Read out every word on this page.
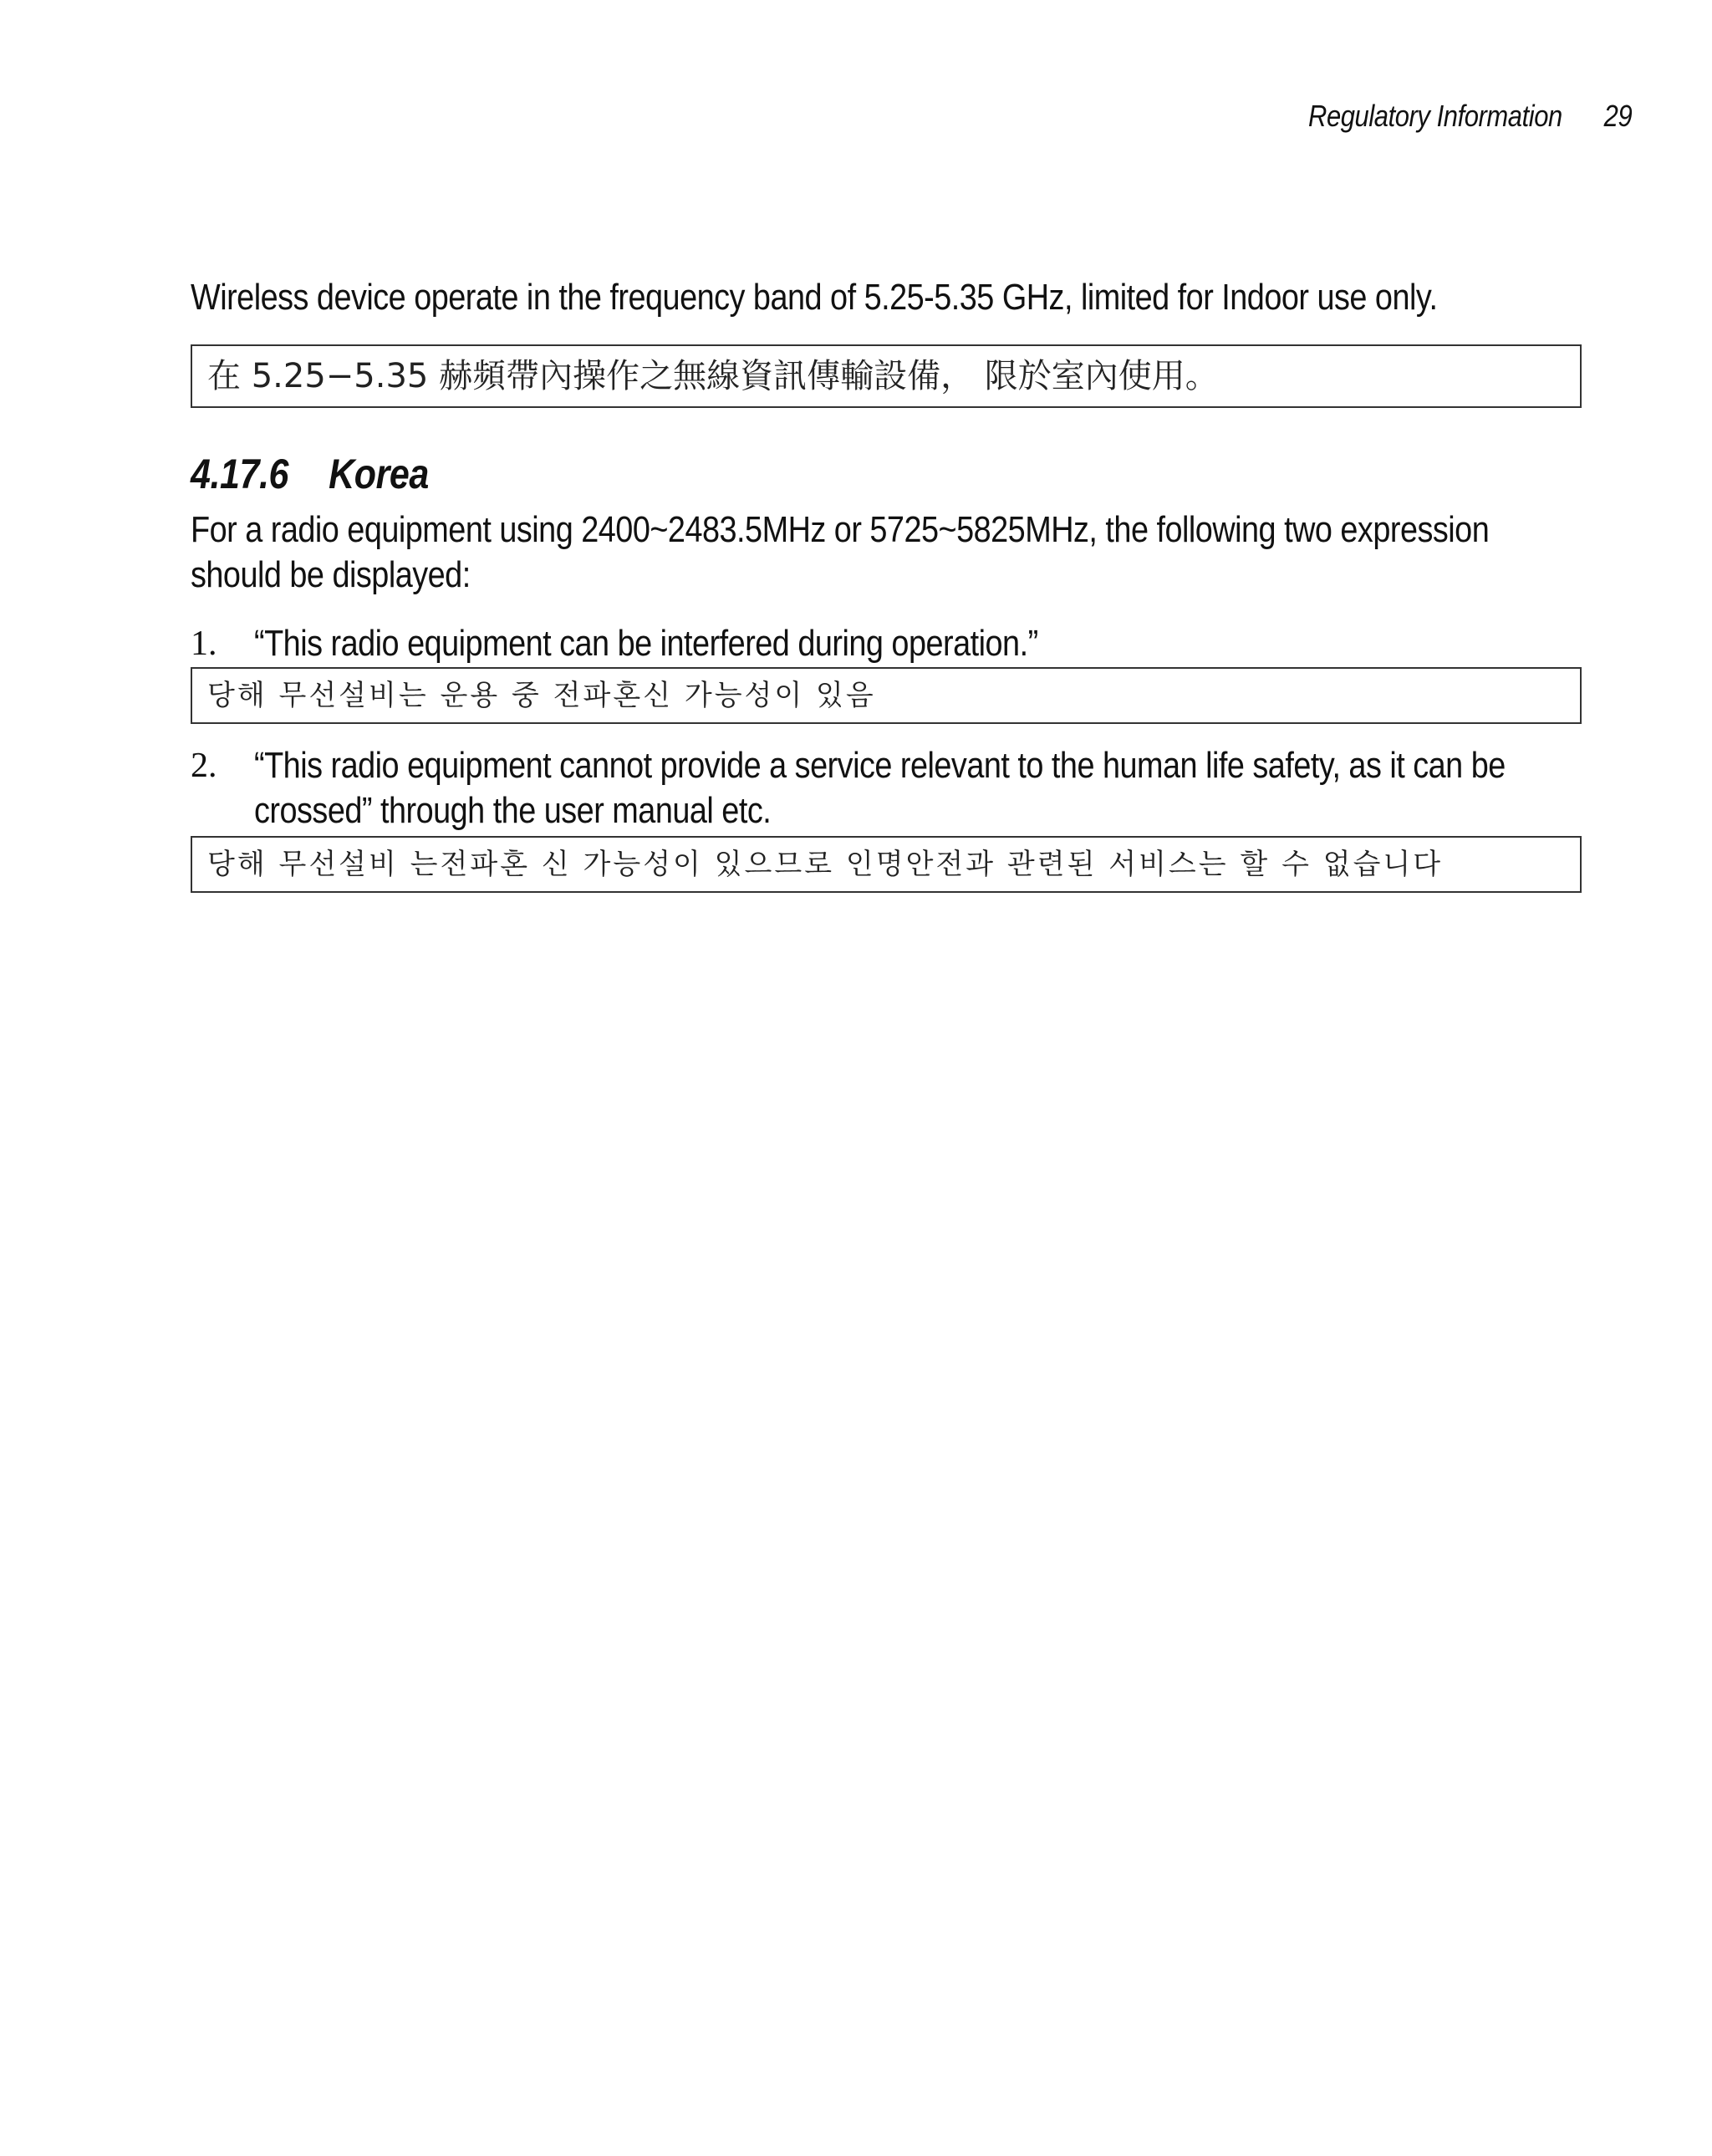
Regulatory Information 29
Wireless device operate in the frequency band of 5.25-5.35 GHz, limited for Indoor use only.
在 5.25−5.35 赫頻帶內操作之無線資訊傳輸設備， 限於室內使用。
4.17.6 Korea
For a radio equipment using 2400~2483.5MHz or 5725~5825MHz, the following two expression
should be displayed:
1. “This radio equipment can be interfered during operation.”
당해 무선설비는 운용 중 전파혼신 가능성이 있음
2. “This radio equipment cannot provide a service relevant to the human life safety, as it can be
crossed” through the user manual etc.
당해 무선설비 는전파혼 신 가능성이 있으므로 인명안전과 관련된 서비스는 할 수 없습니다
